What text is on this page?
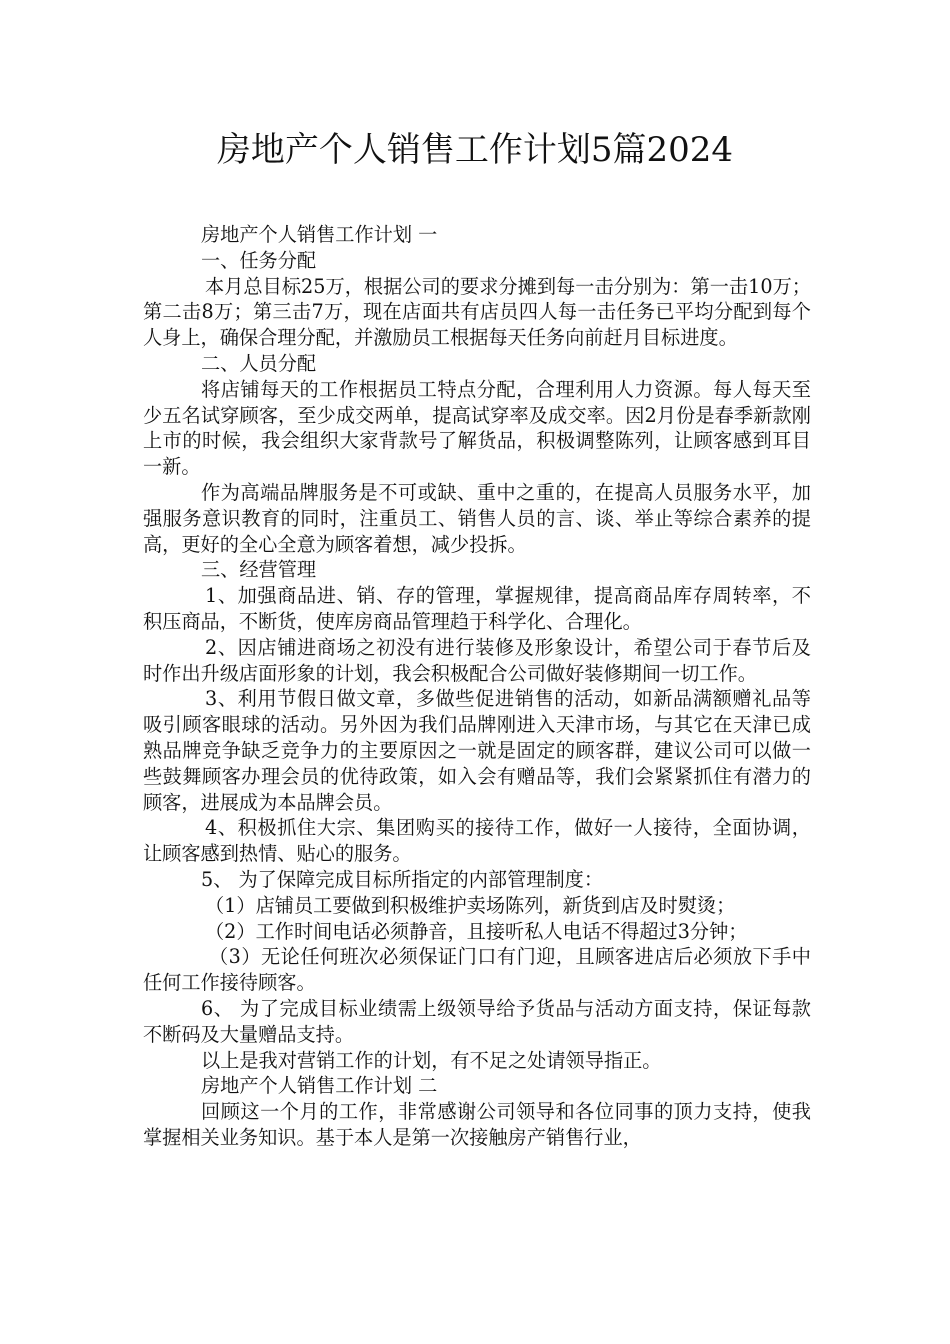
房地产个人销售工作计划5篇2024

房地产个人销售工作计划 一

一、任务分配

本月总目标25万，根据公司的要求分摊到每一击分别为：第一击10万；第二击8万；第三击7万，现在店面共有店员四人每一击任务已平均分配到每个人身上，确保合理分配，并激励员工根据每天任务向前赶月目标进度。

二、人员分配

将店铺每天的工作根据员工特点分配，合理利用人力资源。每人每天至少五名试穿顾客，至少成交两单，提高试穿率及成交率。因2月份是春季新款刚上市的时候，我会组织大家背款号了解货品，积极调整陈列，让顾客感到耳目一新。

作为高端品牌服务是不可或缺、重中之重的，在提高人员服务水平，加强服务意识教育的同时，注重员工、销售人员的言、谈、举止等综合素养的提高，更好的全心全意为顾客着想，减少投拆。

三、经营管理

1、加强商品进、销、存的管理，掌握规律，提高商品库存周转率，不积压商品，不断货，使库房商品管理趋于科学化、合理化。

2、因店铺进商场之初没有进行装修及形象设计，希望公司于春节后及时作出升级店面形象的计划，我会积极配合公司做好装修期间一切工作。

3、利用节假日做文章，多做些促进销售的活动，如新品满额赠礼品等吸引顾客眼球的活动。另外因为我们品牌刚进入天津市场，与其它在天津已成熟品牌竞争缺乏竞争力的主要原因之一就是固定的顾客群，建议公司可以做一些鼓舞顾客办理会员的优待政策，如入会有赠品等，我们会紧紧抓住有潜力的顾客，进展成为本品牌会员。

4、积极抓住大宗、集团购买的接待工作，做好一人接待，全面协调，让顾客感到热情、贴心的服务。

5、 为了保障完成目标所指定的内部管理制度：

（1）店铺员工要做到积极维护卖场陈列，新货到店及时熨烫；

（2）工作时间电话必须静音，且接听私人电话不得超过3分钟；

（3）无论任何班次必须保证门口有门迎，且顾客进店后必须放下手中任何工作接待顾客。

6、 为了完成目标业绩需上级领导给予货品与活动方面支持，保证每款不断码及大量赠品支持。

以上是我对营销工作的计划，有不足之处请领导指正。

房地产个人销售工作计划 二

回顾这一个月的工作，非常感谢公司领导和各位同事的顶力支持，使我掌握相关业务知识。基于本人是第一次接触房产销售行业，
